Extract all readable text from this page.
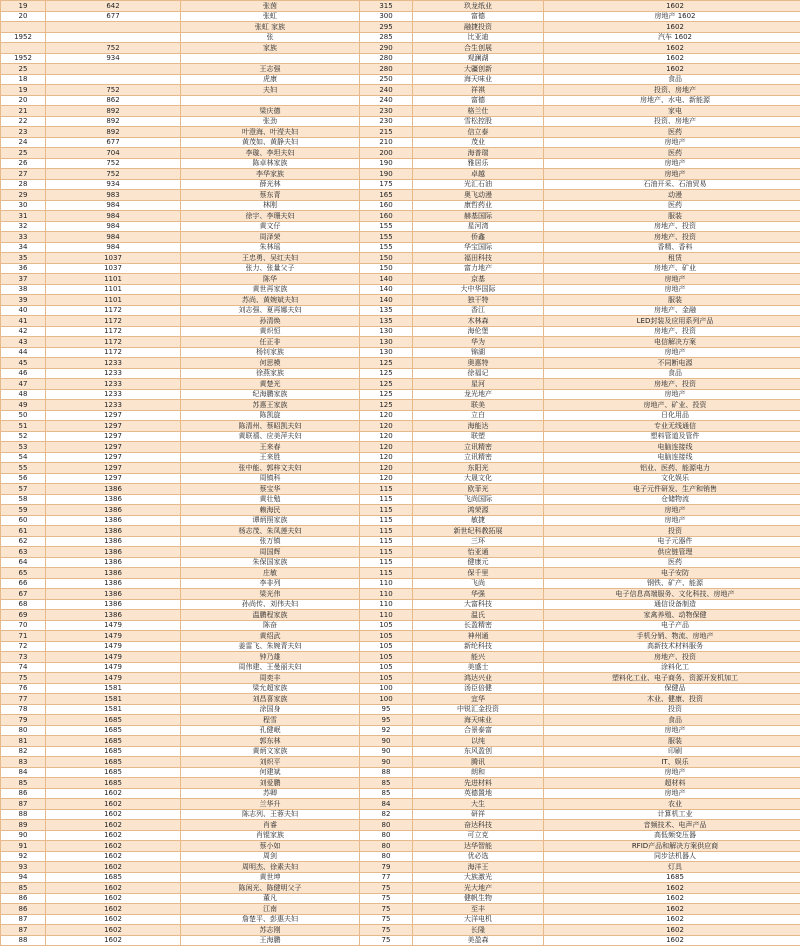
19	642	张茵	315	玖龙纸业	1602
20	677	张虹	300	富德	房地产 1602
		张虹 家族	295	融捷投资	1602
1952		张	285	比亚迪	汽车 1602
	752	家族	290	合生创展	1602
1952	934		280	观澜湖	1602
25		王志强	280	大疆创新	1602
18		虎康	250	海天味业	食品
19	752	夫妇	240	祥祺	投资、房地产
20	862		240	富德	房地产、水电、新能源
21	892	梁庆德	230	格兰仕	家电
22	892	张劲	230	雪松控股	投资、房地产
23	892	叶澄海、叶滢夫妇	215	信立泰	医药
24	677	黄茂如、黄静夫妇	210	茂业	房地产
25	704	李璇、李坦夫妇	200	海普瑞	医药
26	752	陈卓林家族	190	雅居乐	房地产
27	752	李华家族	190	卓越	房地产
28	934	薛光林	175	光汇石油	石油开采、石油贸易
29	983	蔡东青	165	奥飞动漫	动漫
30	984	林刚	160	康哲药业	医药
31	984	徐宇、李珊夫妇	160	赫基国际	服装
32	984	黄文仔	155	星河湾	房地产、投资
33	984	周泽荣	155	侨鑫	房地产、投资
34	984	朱林瑶	155	华宝国际	香精、香料
35	1037	王忠勇、吴红夫妇	150	福田科技	租赁
36	1037	张力、张量父子	150	富力地产	房地产、矿业
37	1101	陈华	140	京基	房地产
38	1101	黄世再家族	140	大中华国际	房地产
39	1101	苏尚、黄婉斌夫妇	140	独干特	服装
40	1172	刘志强、夏再娜夫妇	135	香江	房地产、金融
41	1172	孙清焕	135	木林森	LED封装及应用系列产品
42	1172	黄炽恒	130	海伦堡	房地产、投资
43	1172	任正非	130	华为	电信解决方案
44	1172	杨钊家族	130	锦湖	房地产
45	1233	何思模	125	奥惠特	不同断电源
46	1233	徐燕家族	125	徐福记	食品
47	1233	黄楚光	125	星河	房地产、投资
48	1233	纪海鹏家族	125	龙光地产	房地产
49	1233	苏惠王家族	125	联美	房地产、矿业、投资
50	1297	陈凯旋	120	立白	日化用品
51	1297	陈清州、蔡昭凯夫妇	120	海能达	专业无线通信
52	1297	黄联禧、应美萍夫妇	120	联塑	塑料管道及管件
53	1297	王来春	120	立讯精密	电脑连接线
54	1297	王来胜	120	立讯精密	电脑连接线
55	1297	张中能、郭梓文夫妇	120	东阳光	铝业、医药、能源电力
56	1297	周镇科	120	大晟文化	文化娱乐
57	1386	蔡宝华	115	欧菲光	电子元件研发、生产和销售
58	1386	黄壮勉	115	飞尚国际	仓储物流
59	1386	赖海民	115	鸿荣源	房地产
60	1386	谭炳照家族	115	敏捷	房地产
61	1386	杨志茂、朱凤莲夫妇	115	新世纪科教拓展	投资
62	1386	张万镇	115	三环	电子元器件
63	1386	周国辉	115	怡亚通	供应链管理
64	1386	朱保国家族	115	健康元	医药
65	1386	庄敏	115	保千里	电子安防
66	1386	李非列	110	飞尚	钢铁、矿产、能源
67	1386	梁光伟	110	华强	电子信息高端服务、文化科技、房地产
68	1386	孙尚传、刘伟夫妇	110	大富科技	通信设备制造
69	1386	温鹏程家族	110	温氏	家禽养殖、动物保健
70	1479	陈奋	105	长盈精密	电子产品
71	1479	黄绍武	105	神州通	手机分销、物流、房地产
72	1479	姜雷飞、朱婉青夫妇	105	新纶科技	高新技术材料服务
73	1479	钟乃雄	105	能兴	房地产、投资
74	1479	周伟建、王曼丽夫妇	105	美盛士	涂料化工
75	1479	周奕丰	105	鸿达兴业	塑料化工业、电子商务、资源开发机加工
76	1581	梁允超家族	100	汤臣倍健	保健品
77	1581	刘昌喜家族	100	宜华	木业、健康、投资
78	1581	涂国身	95	中锐汇金投资	投资
79	1685	程雪	95	海天味业	食品
80	1685	孔健岷	92	合景泰富	房地产
81	1685	郭东林	90	以纯	服装
82	1685	黄炳文家族	90	东风盈创	印刷
83	1685	刘炽平	90	腾讯	IT、娱乐
84	1685	何建斌	88	朗和	房地产
85	1685	刘爱鹏	85	先进材料	超材料
86	1602	苏卿	85	英德置地	房地产
87	1602	兰华升	84	大生	农业
88	1602	陈志列、王蓉夫妇	82	研祥	计算机工业
89	1602	肖睿	80	奋达科技	音频技术、电声产品
90	1602	肖锟家族	80	可立克	高低频变压器
91	1602	蔡小如	80	达华智能	RFID产品和解决方案供应商
92	1602	周剑	80	优必选	同步法机器人
93	1602	周明杰、徐素夫妇	79	海洋王	灯具
94	1685	黄世坤	77	大族激光	1685
85	1602	陈闲光、陈健明父子	75	光大地产	1602
86	1602	董凡	75	健帆生物	1602
86	1602	江南	75	至丰	1602
87	1602	詹楚平、彭惠夫妇	75	大洋电机	1602
87	1602	苏志刚	75	长隆	1602
88	1602	王海鹏	75	美盈森	1602
